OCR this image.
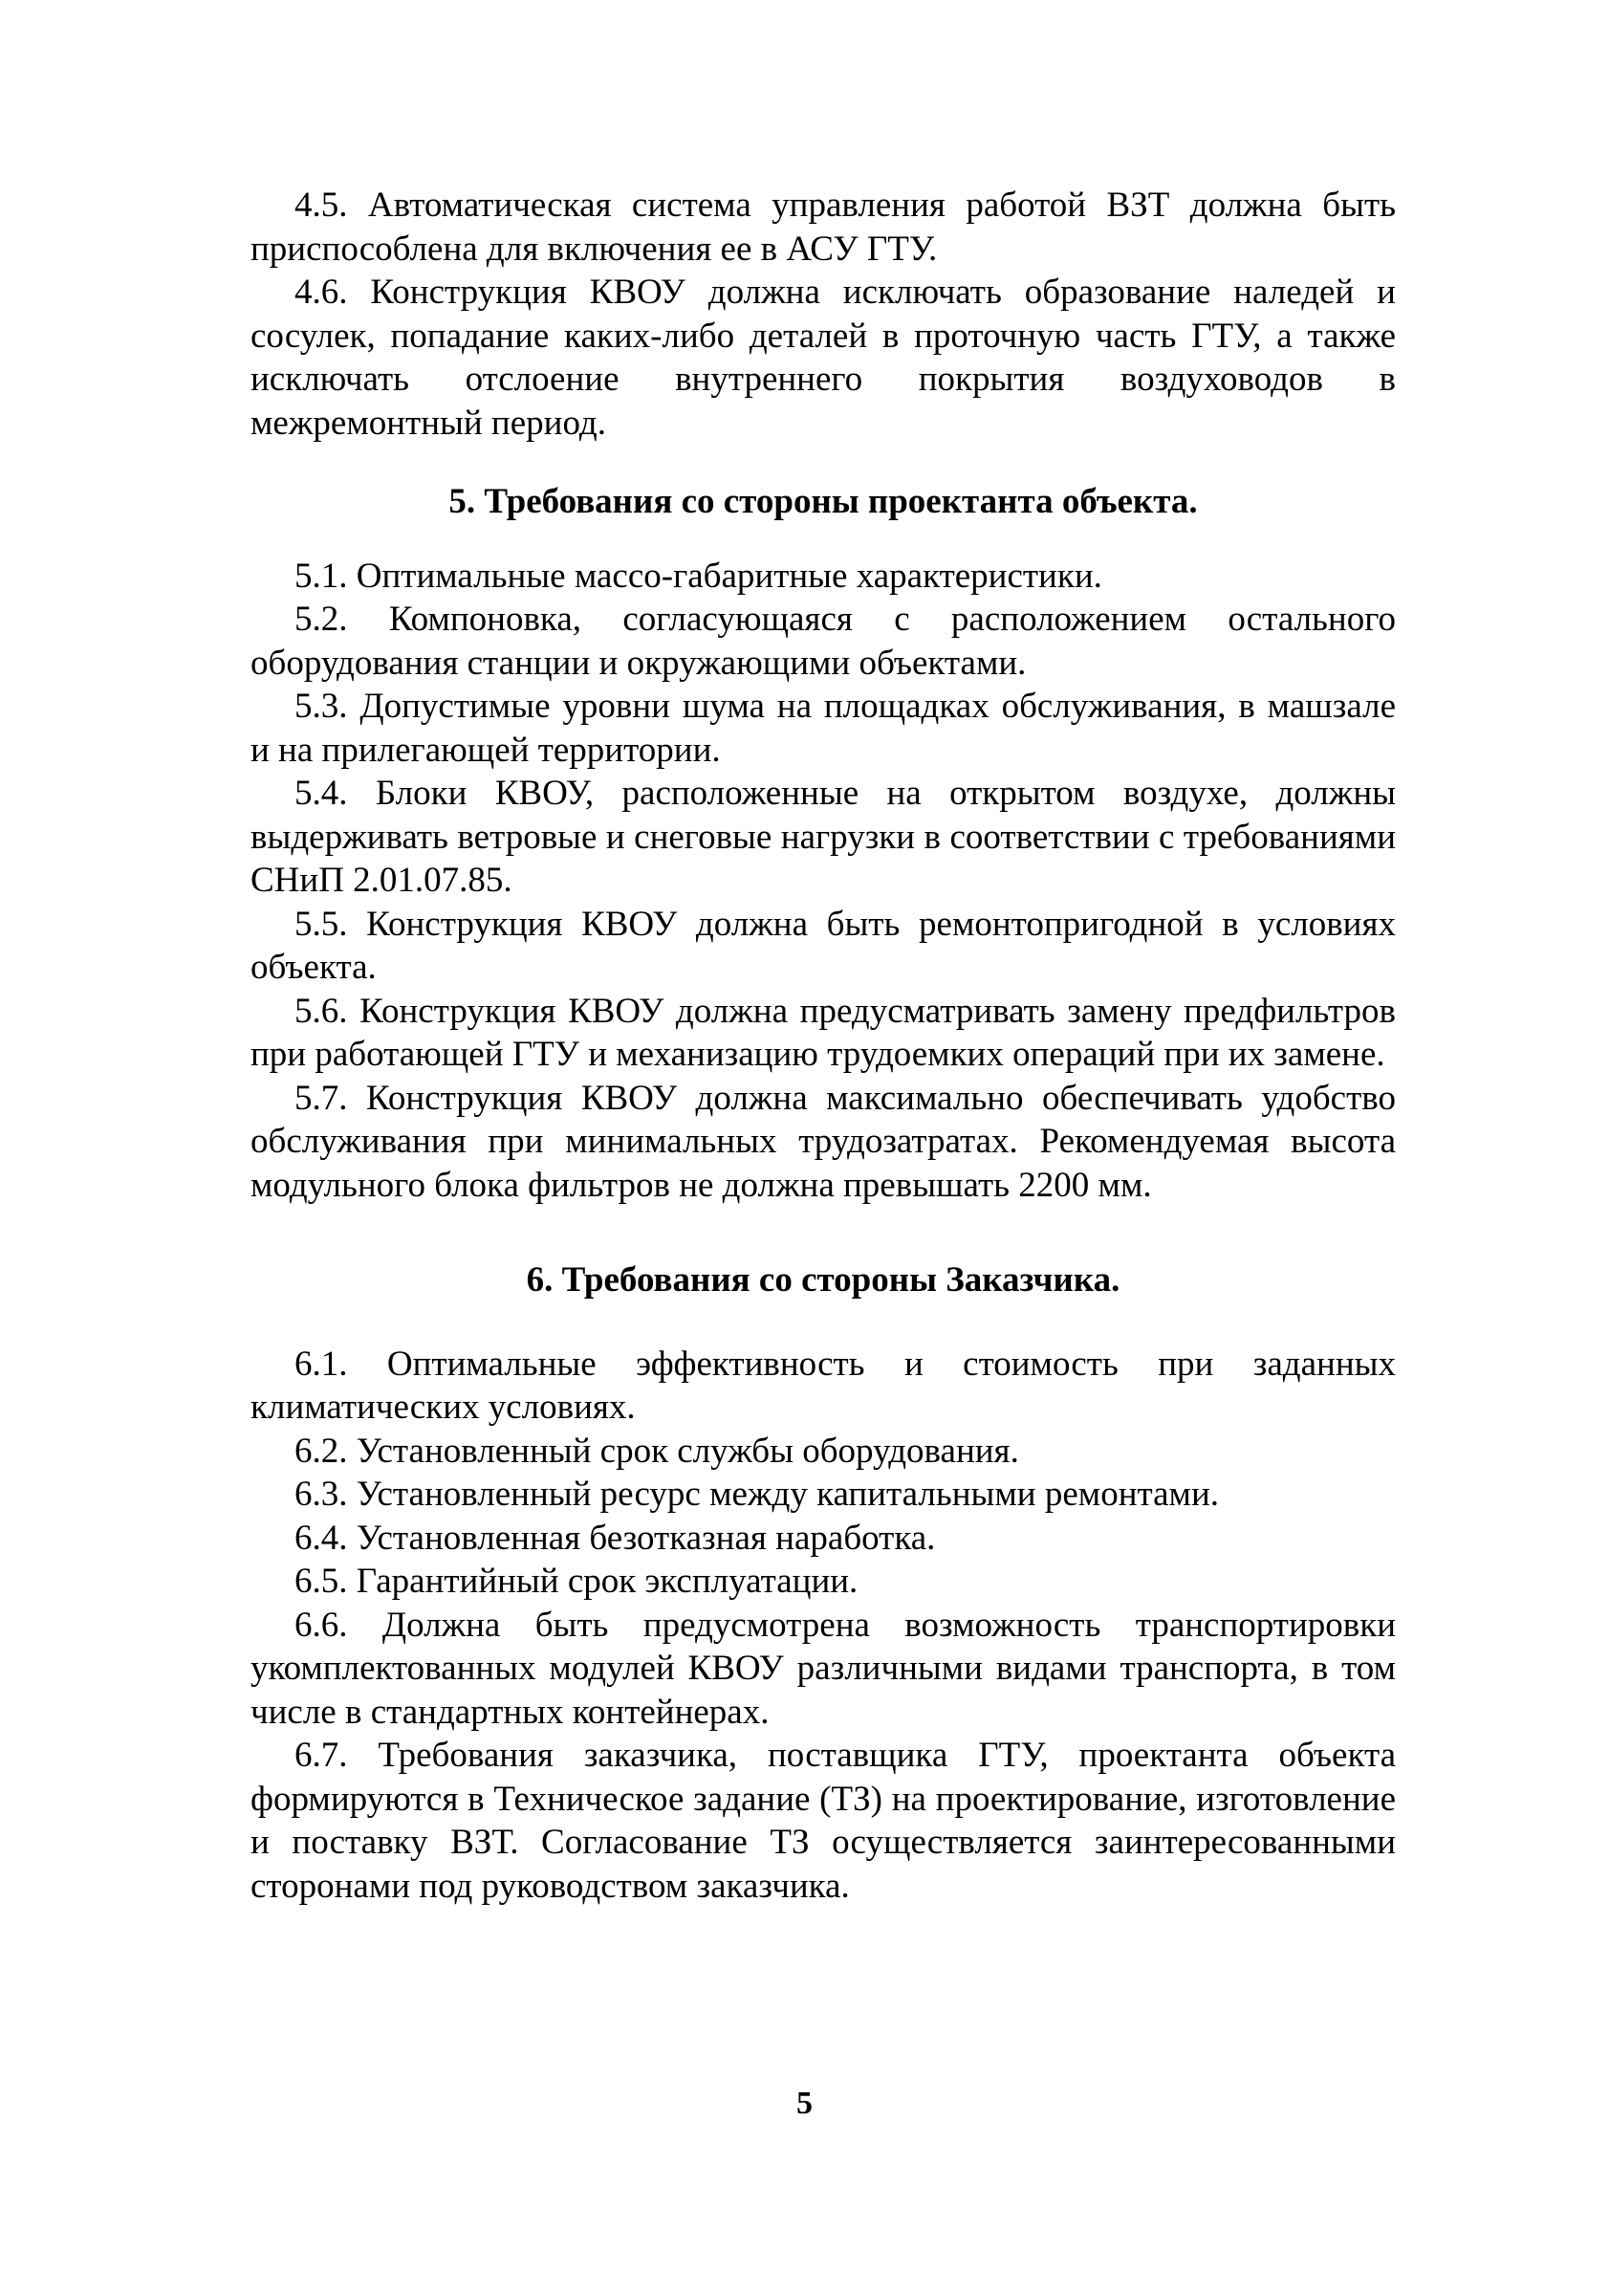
4.5. Автоматическая система управления работой ВЗТ должна быть приспособлена для включения ее в АСУ ГТУ.

4.6. Конструкция КВОУ должна исключать образование наледей и сосулек, попадание каких-либо деталей в проточную часть ГТУ, а также исключать отслоение внутреннего покрытия воздуховодов в межремонтный период.

5. Требования со стороны проектанта объекта.

5.1. Оптимальные массо-габаритные характеристики.

5.2. Компоновка, согласующаяся с расположением остального оборудования станции и окружающими объектами.

5.3. Допустимые уровни шума на площадках обслуживания, в машзале и на прилегающей территории.

5.4. Блоки КВОУ, расположенные на открытом воздухе, должны выдерживать ветровые и снеговые нагрузки в соответствии с требованиями СНиП 2.01.07.85.

5.5. Конструкция КВОУ должна быть ремонтопригодной в условиях объекта.

5.6. Конструкция КВОУ должна предусматривать замену предфильтров при работающей ГТУ и механизацию трудоемких операций при их замене.

5.7. Конструкция КВОУ должна максимально обеспечивать удобство обслуживания при минимальных трудозатратах. Рекомендуемая высота модульного блока фильтров не должна превышать 2200 мм.

6. Требования со стороны Заказчика.

6.1. Оптимальные эффективность и стоимость при заданных климатических условиях.

6.2. Установленный срок службы оборудования.

6.3. Установленный ресурс между капитальными ремонтами.

6.4. Установленная безотказная наработка.

6.5. Гарантийный срок эксплуатации.

6.6. Должна быть предусмотрена возможность транспортировки укомплектованных модулей КВОУ различными видами транспорта, в том числе в стандартных контейнерах.

6.7. Требования заказчика, поставщика ГТУ, проектанта объекта формируются в Техническое задание (ТЗ) на проектирование, изготовление и поставку ВЗТ. Согласование ТЗ осуществляется заинтересованными сторонами под руководством заказчика.

5
